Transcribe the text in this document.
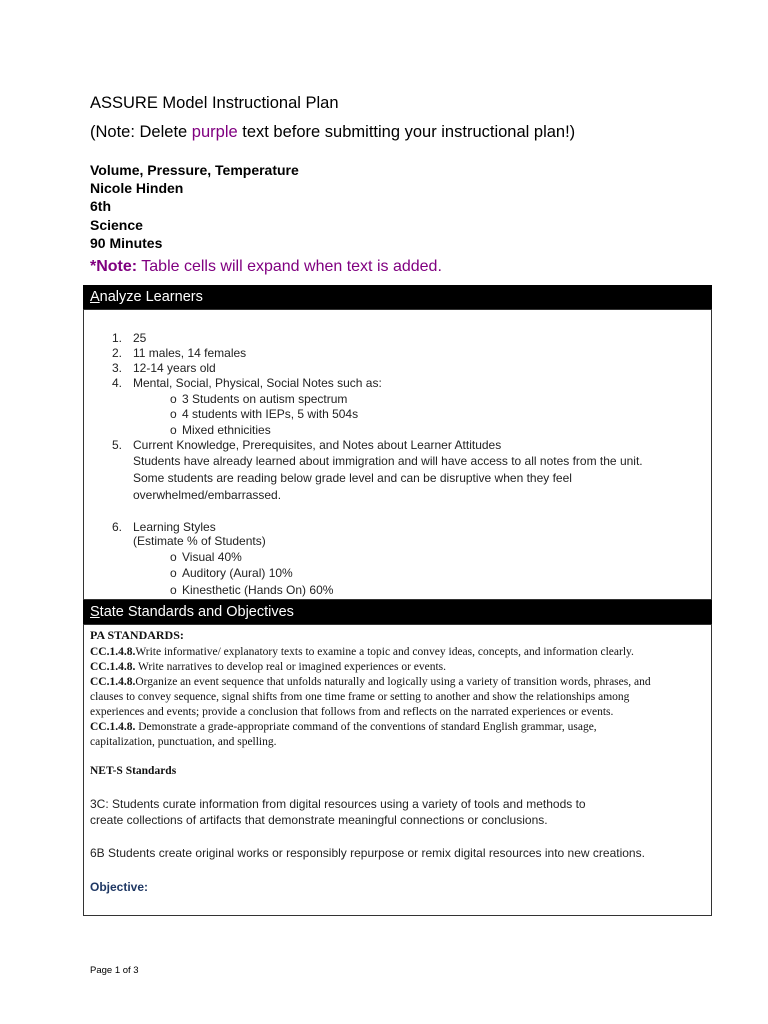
ASSURE Model Instructional Plan
(Note: Delete purple text before submitting your instructional plan!)
Volume, Pressure, Temperature
Nicole Hinden
6th
Science
90 Minutes
*Note: Table cells will expand when text is added.
Analyze Learners
1. 25
2. 11 males, 14 females
3. 12-14 years old
4. Mental, Social, Physical, Social Notes such as:
o 3 Students on autism spectrum
o 4 students with IEPs, 5 with 504s
o Mixed ethnicities
5. Current Knowledge, Prerequisites, and Notes about Learner Attitudes
Students have already learned about immigration and will have access to all notes from the unit.
Some students are reading below grade level and can be disruptive when they feel
overwhelmed/embarrassed.
6. Learning Styles
(Estimate % of Students)
o Visual 40%
o Auditory (Aural) 10%
o Kinesthetic (Hands On) 60%
State Standards and Objectives
PA STANDARDS:
CC.1.4.8.Write informative/ explanatory texts to examine a topic and convey ideas, concepts, and information clearly.
CC.1.4.8. Write narratives to develop real or imagined experiences or events.
CC.1.4.8.Organize an event sequence that unfolds naturally and logically using a variety of transition words, phrases, and
clauses to convey sequence, signal shifts from one time frame or setting to another and show the relationships among
experiences and events; provide a conclusion that follows from and reflects on the narrated experiences or events.
CC.1.4.8. Demonstrate a grade-appropriate command of the conventions of standard English grammar, usage,
capitalization, punctuation, and spelling.
NET-S Standards
3C: Students curate information from digital resources using a variety of tools and methods to
create collections of artifacts that demonstrate meaningful connections or conclusions.
6B Students create original works or responsibly repurpose or remix digital resources into new creations.
Objective:
Page 1 of 3
